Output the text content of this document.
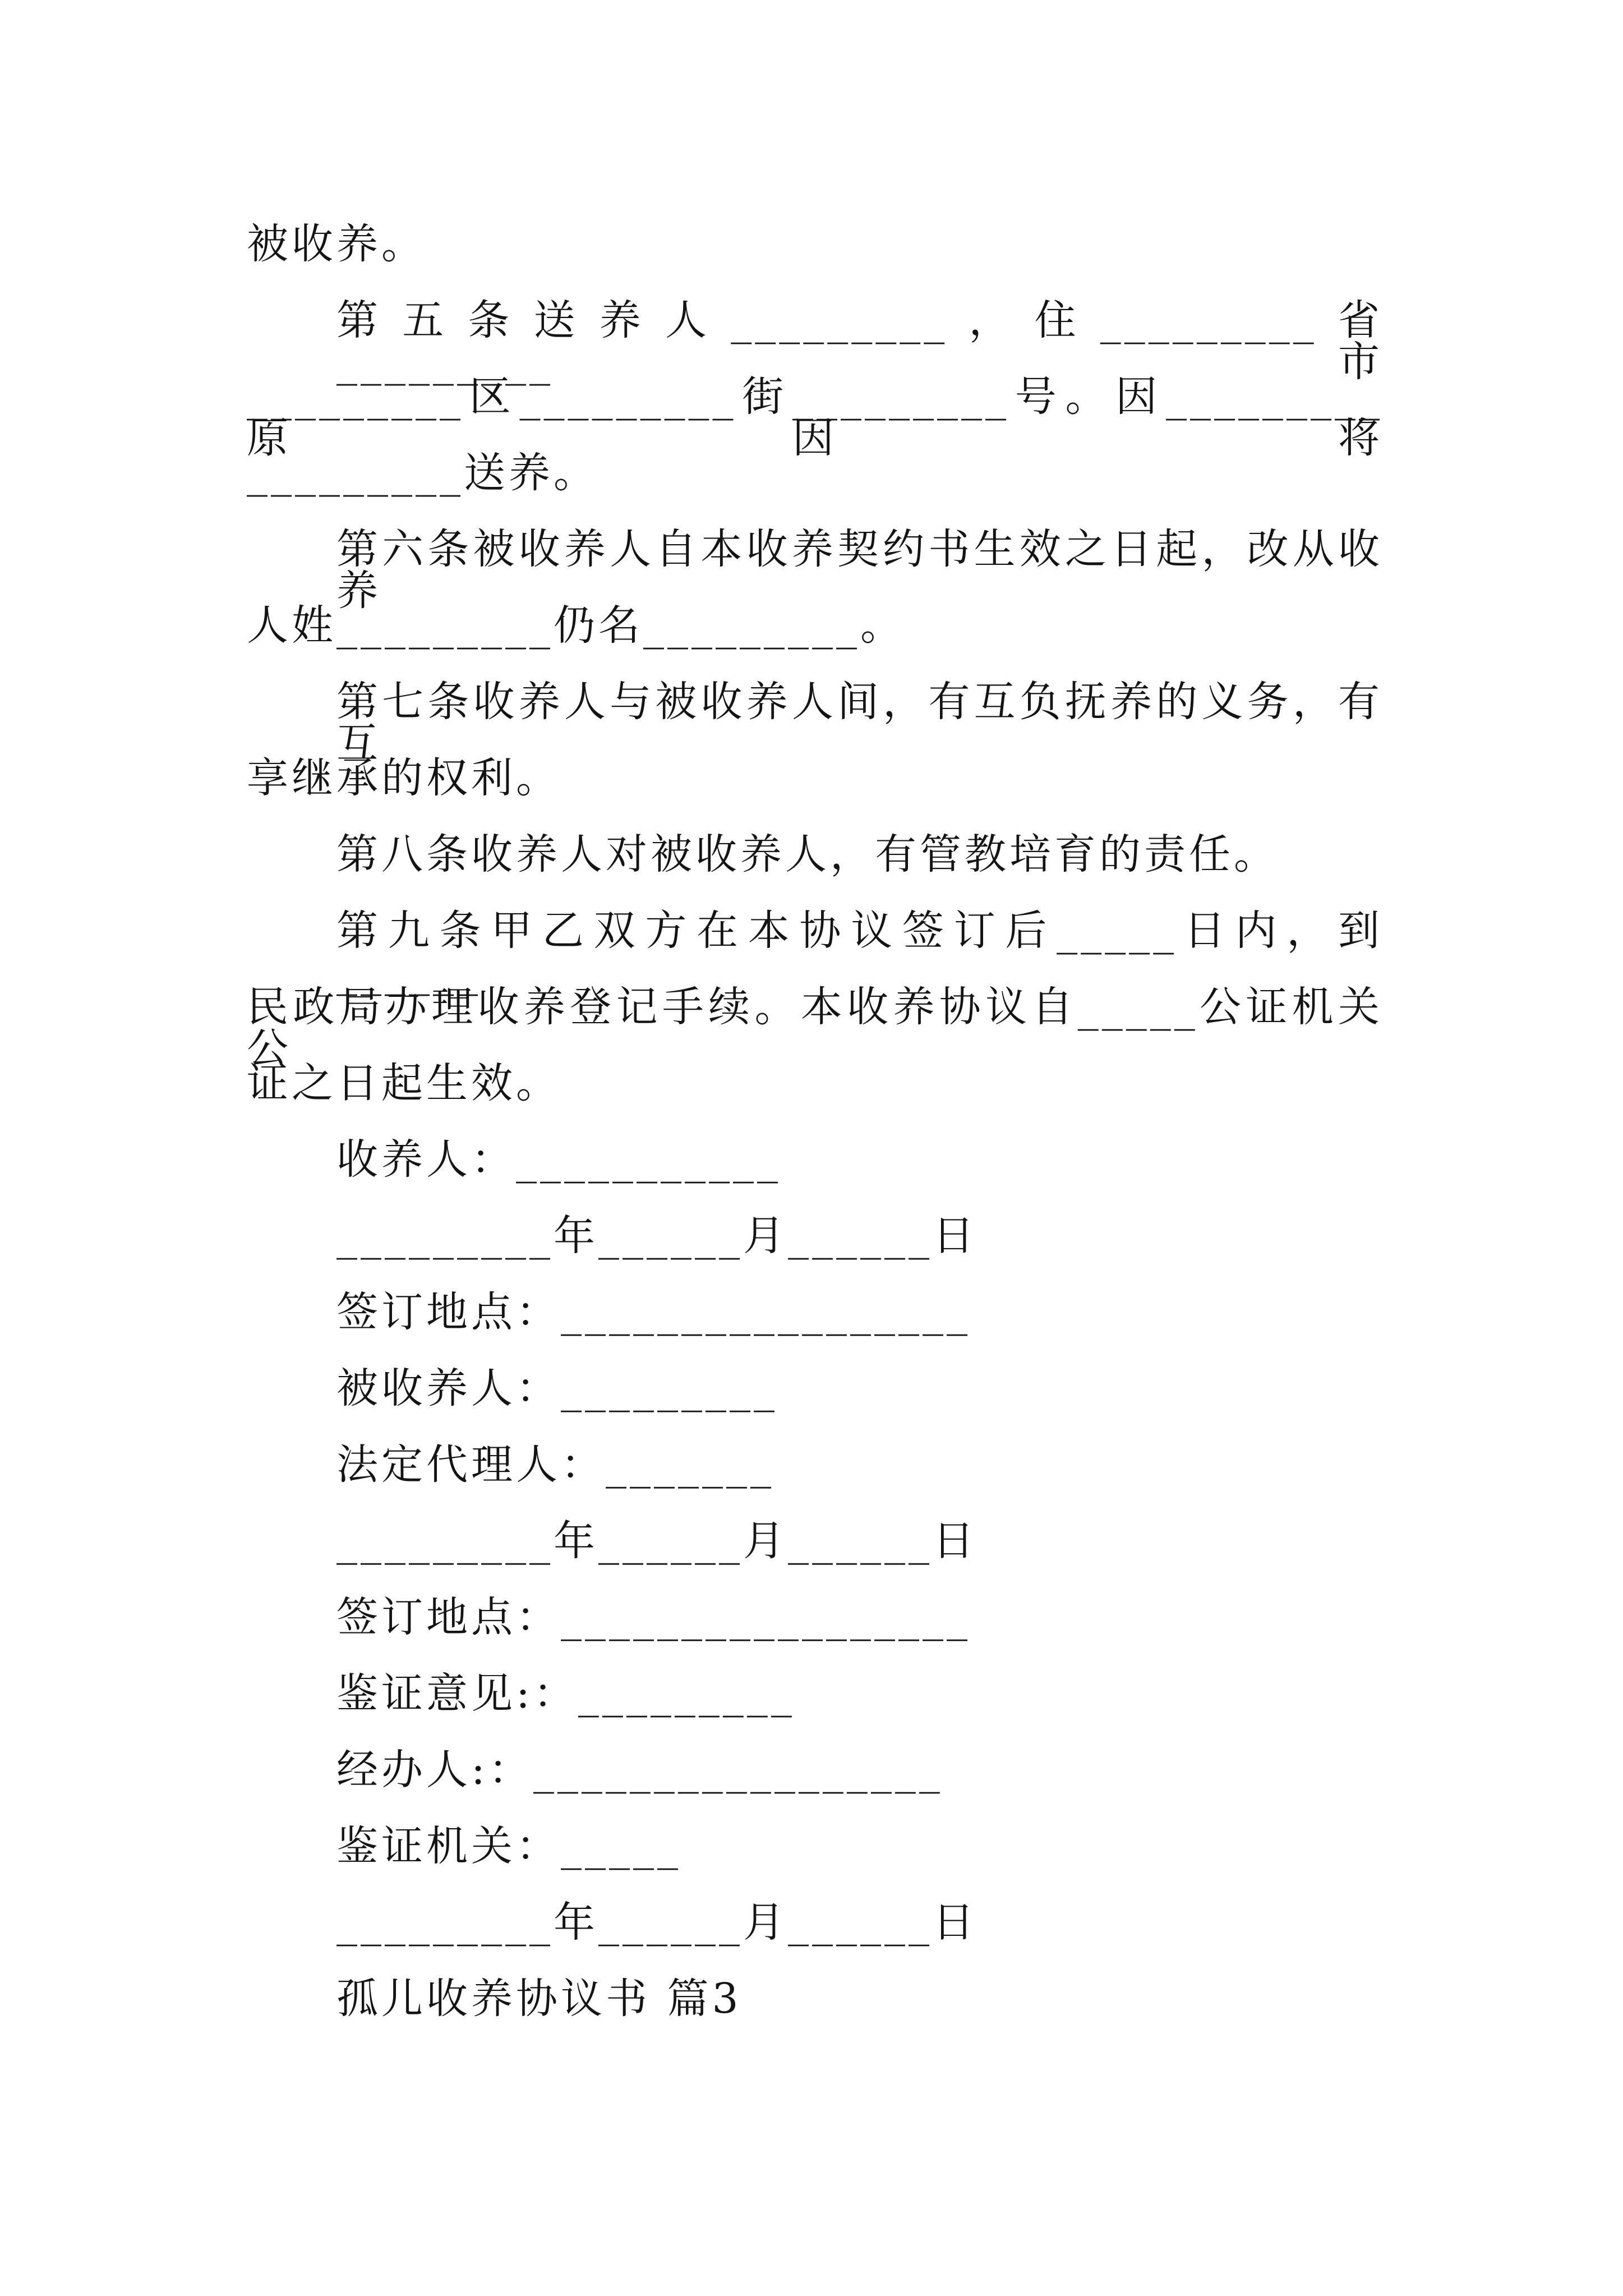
被收养。
第五条送养人_________，住_________省_________市
_________区_________街_________号。因_________原因将
_________送养。
第六条被收养人自本收养契约书生效之日起，改从收养
人姓_________仍名_________。
第七条收养人与被收养人间，有互负抚养的义务，有互
享继承的权利。
第八条收养人对被收养人，有管教培育的责任。
第九条甲乙双方在本协议签订后_____日内，到______
民政局办理收养登记手续。本收养协议自_____公证机关公
证之日起生效。
收养人：___________
_________年______月______日
签订地点：_________________
被收养人：_________
法定代理人：_______
_________年______月______日
签订地点：_________________
鉴证意见:：_________
经办人:：_________________
鉴证机关：_____
_________年______月______日
孤儿收养协议书 篇3
